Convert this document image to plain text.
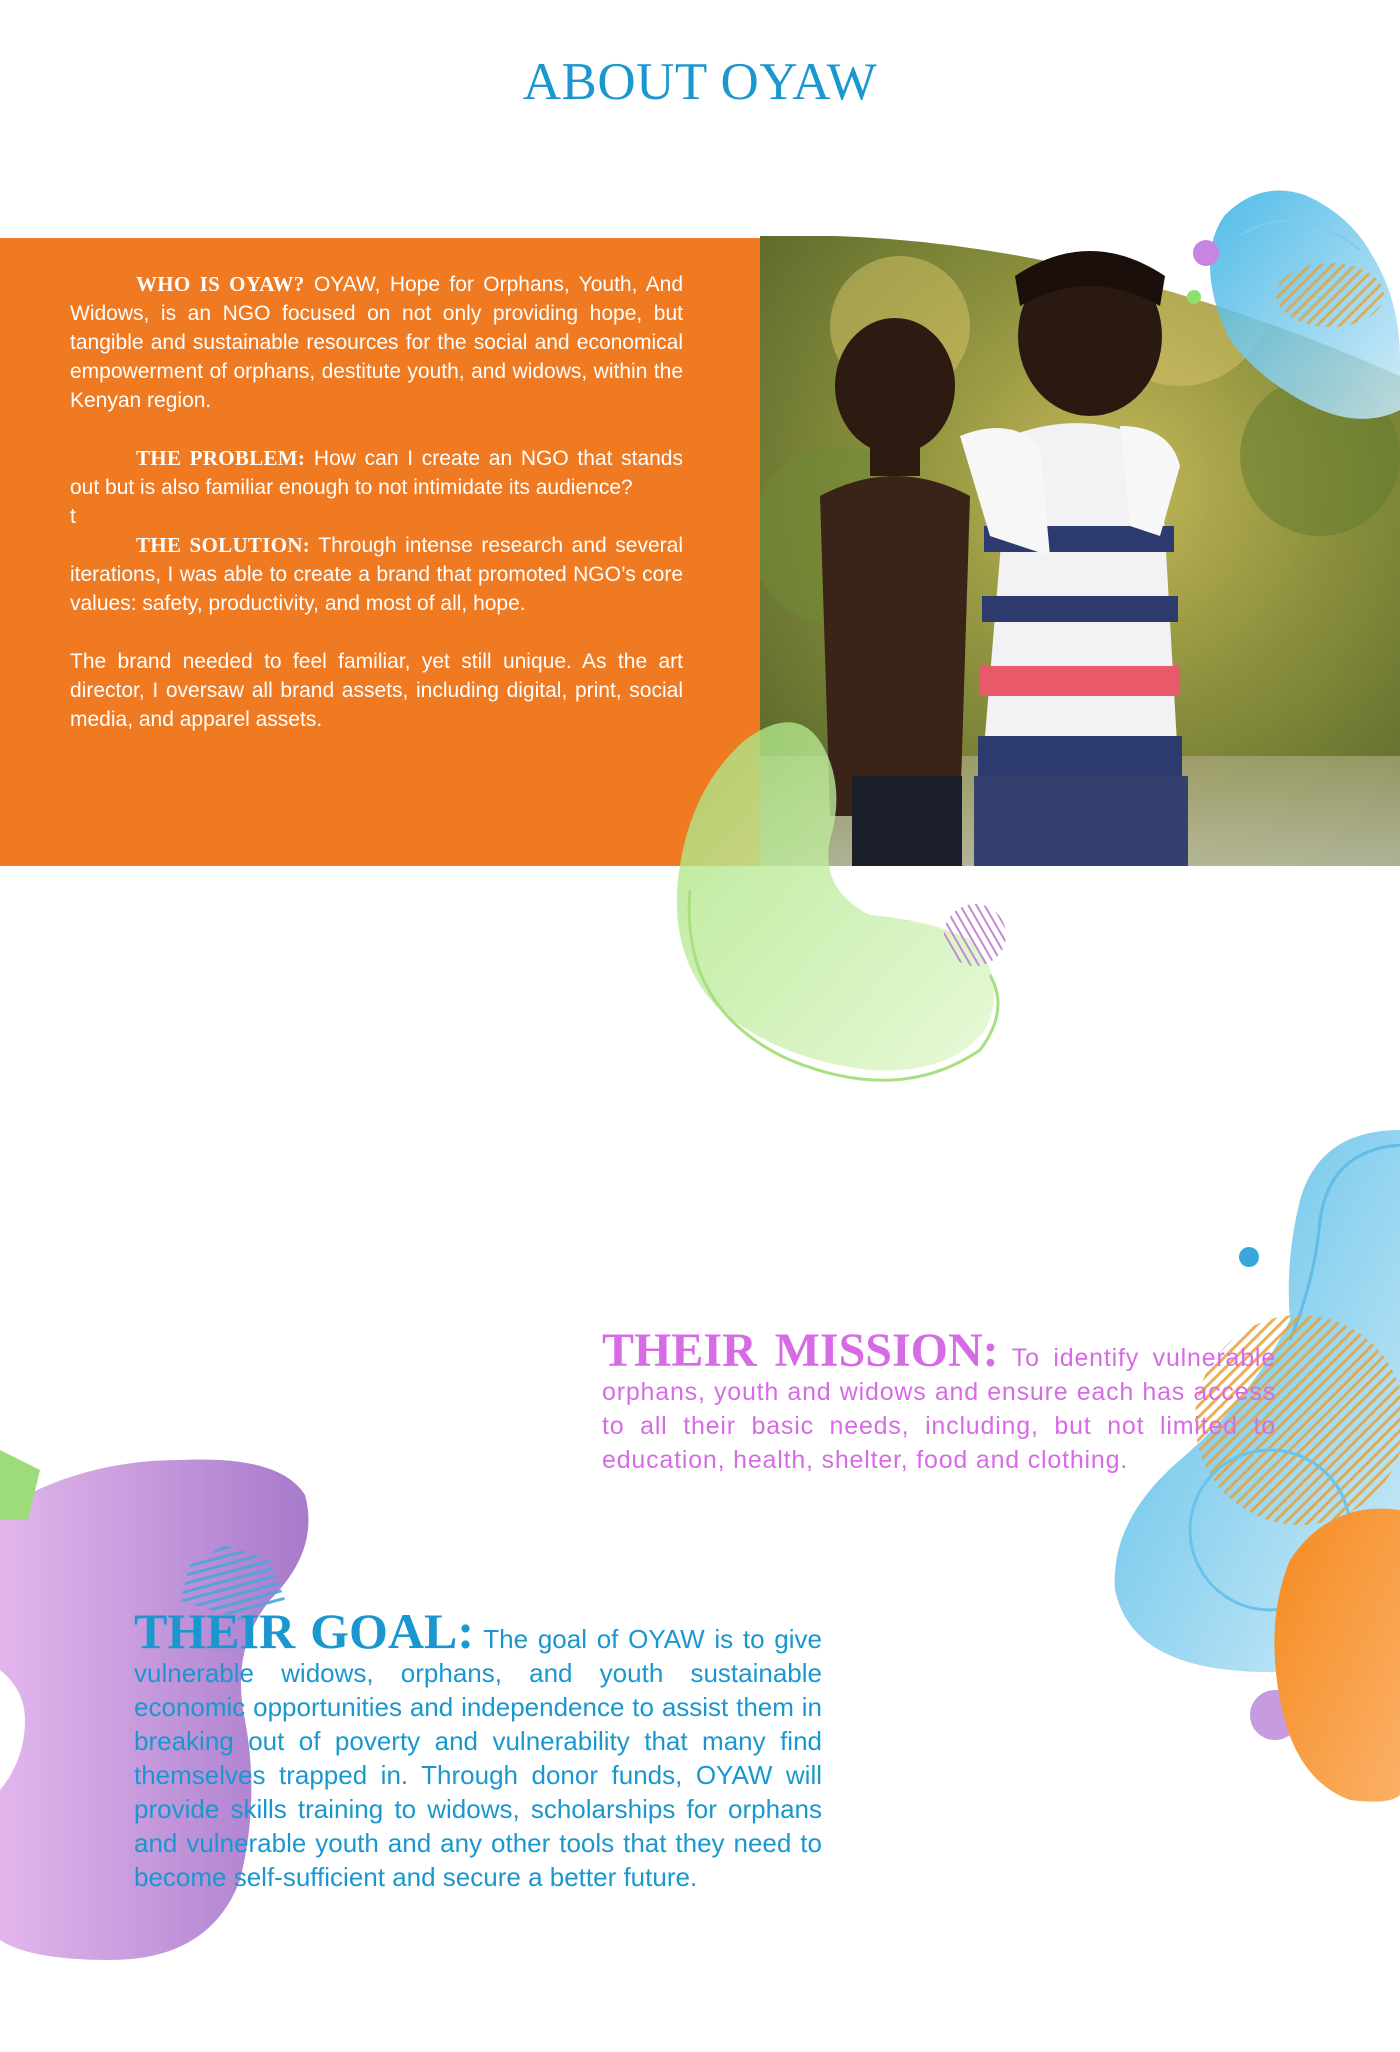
ABOUT OYAW

WHO IS OYAW? OYAW, Hope for Orphans, Youth, And Widows, is an NGO focused on not only providing hope, but tangible and sustainable resources for the social and economical empowerment of orphans, destitute youth, and widows, within the Kenyan region.

THE PROBLEM: How can I create an NGO that stands out but is also familiar enough to not intimidate its audience?

t

THE SOLUTION: Through intense research and several iterations, I was able to create a brand that promoted NGO’s core values: safety, productivity, and most of all, hope.

The brand needed to feel familiar, yet still unique. As the art director, I oversaw all brand assets, including digital, print, social media, and apparel assets.

THEIR MISSION: To identify vulnerable orphans, youth and widows and ensure each has access to all their basic needs, including, but not limited to education, health, shelter, food and clothing.

THEIR GOAL: The goal of OYAW is to give vulnerable widows, orphans, and youth sustainable economic opportunities and independence to assist them in breaking out of poverty and vulnerability that many find themselves trapped in. Through donor funds, OYAW will provide skills training to widows, scholarships for orphans and vulnerable youth and any other tools that they need to become self-sufficient and secure a better future.
